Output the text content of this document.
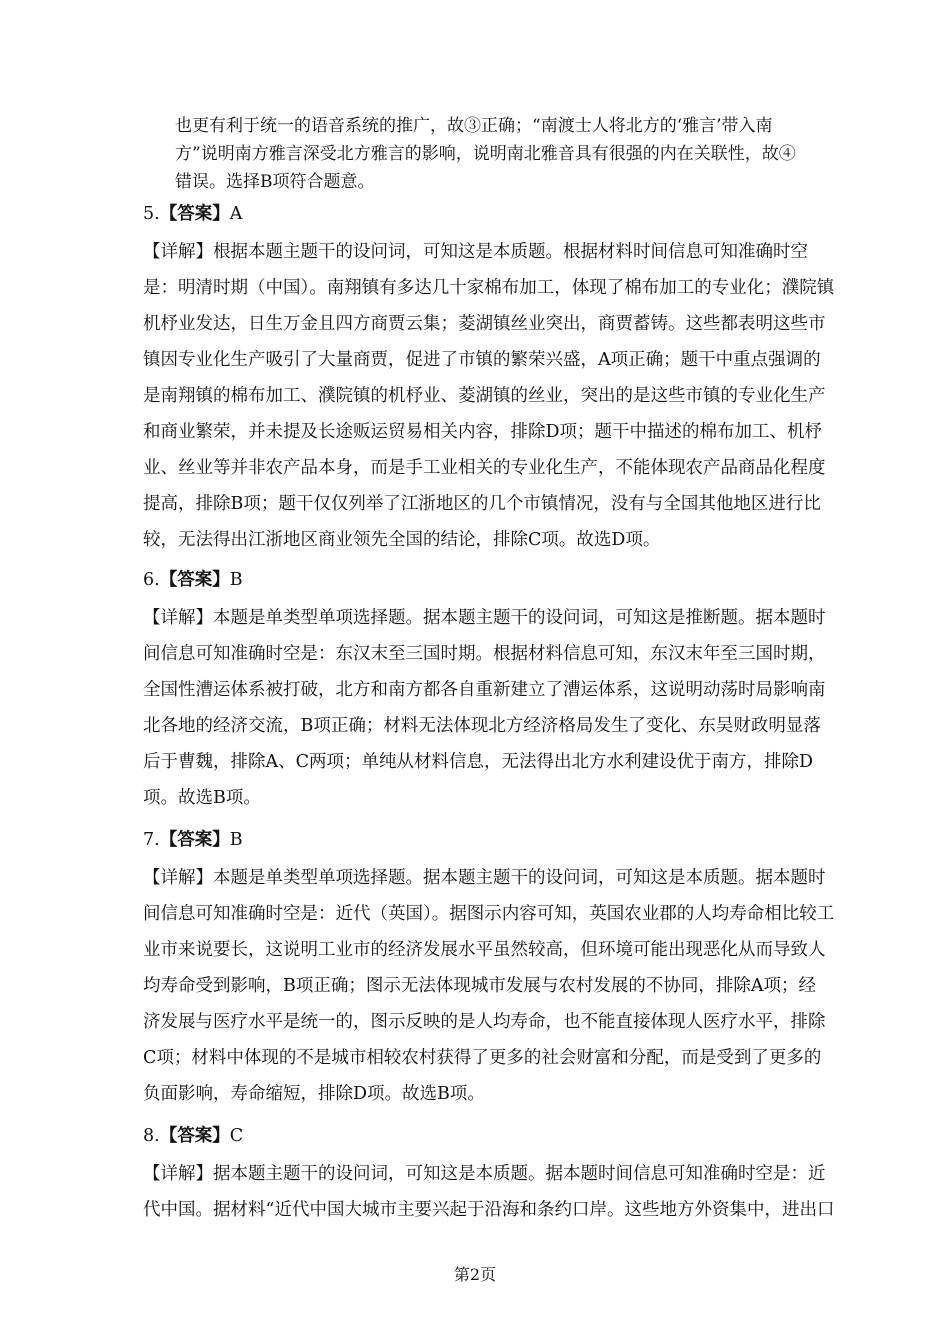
也更有利于统一的语音系统的推广，故③正确；“南渡士人将北方的‘雅言’带入南
方”说明南方雅言深受北方雅言的影响，说明南北雅音具有很强的内在关联性，故④
错误。选择B项符合题意。
5.【答案】A
【详解】根据本题主题干的设问词，可知这是本质题。根据材料时间信息可知准确时空
是：明清时期（中国）。南翔镇有多达几十家棉布加工，体现了棉布加工的专业化；濮院镇
机杼业发达，日生万金且四方商贾云集；菱湖镇丝业突出，商贾蓄铸。这些都表明这些市
镇因专业化生产吸引了大量商贾，促进了市镇的繁荣兴盛，A项正确；题干中重点强调的
是南翔镇的棉布加工、濮院镇的机杼业、菱湖镇的丝业，突出的是这些市镇的专业化生产
和商业繁荣，并未提及长途贩运贸易相关内容，排除D项；题干中描述的棉布加工、机杼
业、丝业等并非农产品本身，而是手工业相关的专业化生产，不能体现农产品商品化程度
提高，排除B项；题干仅仅列举了江浙地区的几个市镇情况，没有与全国其他地区进行比
较，无法得出江浙地区商业领先全国的结论，排除C项。故选D项。
6.【答案】B
【详解】本题是单类型单项选择题。据本题主题干的设问词，可知这是推断题。据本题时
间信息可知准确时空是：东汉末至三国时期。根据材料信息可知，东汉末年至三国时期，
全国性漕运体系被打破，北方和南方都各自重新建立了漕运体系，这说明动荡时局影响南
北各地的经济交流，B项正确；材料无法体现北方经济格局发生了变化、东吴财政明显落
后于曹魏，排除A、C两项；单纯从材料信息，无法得出北方水利建设优于南方，排除D
项。故选B项。
7.【答案】B
【详解】本题是单类型单项选择题。据本题主题干的设问词，可知这是本质题。据本题时
间信息可知准确时空是：近代（英国）。据图示内容可知，英国农业郡的人均寿命相比较工
业市来说要长，这说明工业市的经济发展水平虽然较高，但环境可能出现恶化从而导致人
均寿命受到影响，B项正确；图示无法体现城市发展与农村发展的不协同，排除A项；经
济发展与医疗水平是统一的，图示反映的是人均寿命，也不能直接体现人医疗水平，排除
C项；材料中体现的不是城市相较农村获得了更多的社会财富和分配，而是受到了更多的
负面影响，寿命缩短，排除D项。故选B项。
8.【答案】C
【详解】据本题主题干的设问词，可知这是本质题。据本题时间信息可知准确时空是：近
代中国。据材料“近代中国大城市主要兴起于沿海和条约口岸。这些地方外资集中，进出口
第2页
